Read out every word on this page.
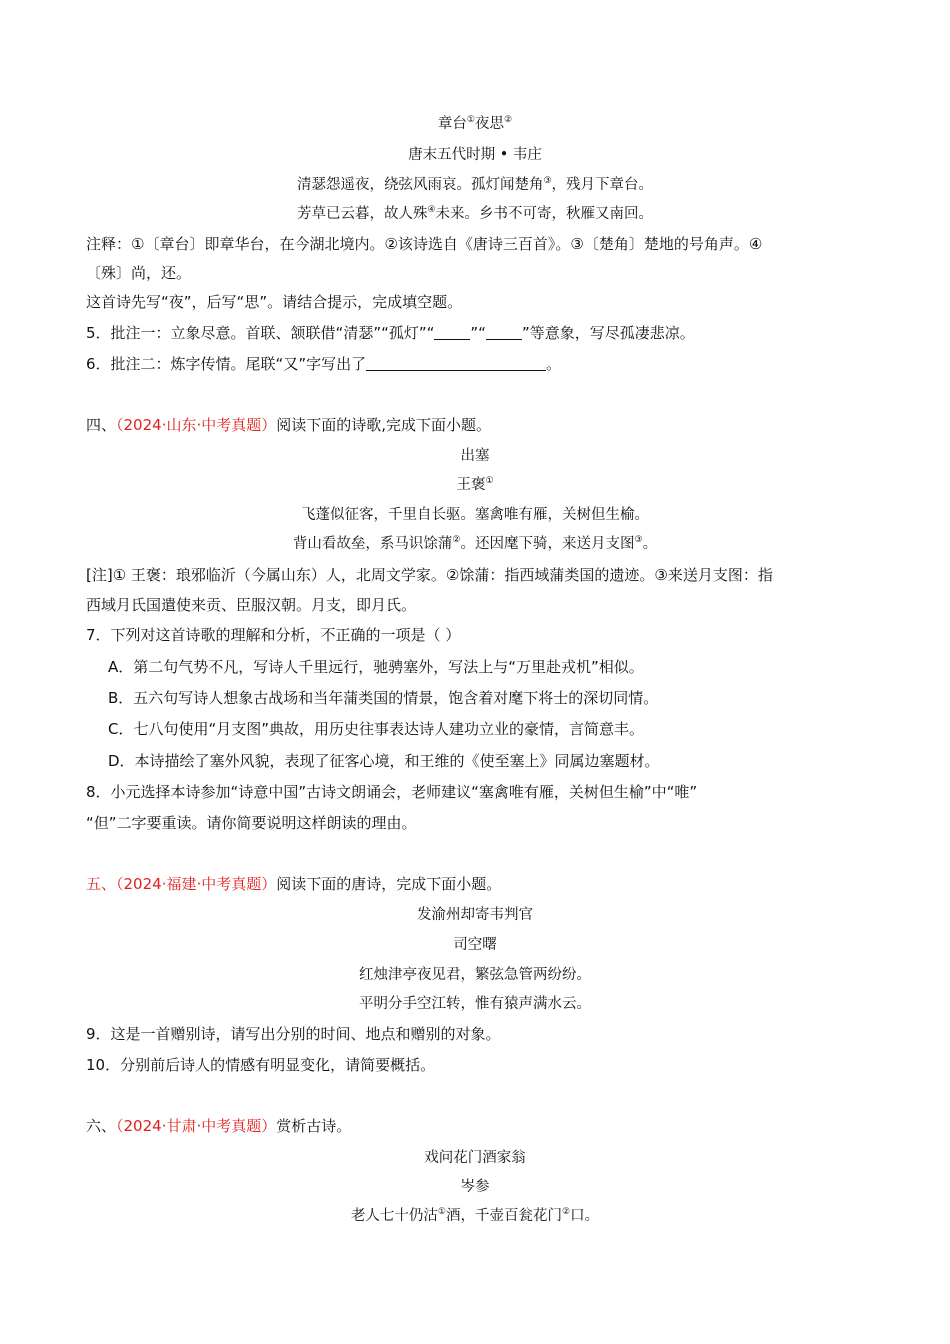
章台①夜思②
唐末五代时期 • 韦庄
清瑟怨遥夜，绕弦风雨哀。孤灯闻楚角③，残月下章台。
芳草已云暮，故人殊④未来。乡书不可寄，秋雁又南回。
注释：①〔章台〕即章华台，在今湖北境内。②该诗选自《唐诗三百首》。③〔楚角〕楚地的号角声。④
〔殊〕尚，还。
这首诗先写“夜”，后写“思”。请结合提示，完成填空题。
5．批注一：立象尽意。首联、颔联借“清瑟”“孤灯”“ ”“ ”等意象，写尽孤凄悲凉。
6．批注二：炼字传情。尾联“又”字写出了	。
四、（2024·山东·中考真题）阅读下面的诗歌,完成下面小题。
出塞
王褒①
飞蓬似征客，千里自长驱。塞禽唯有雁，关树但生榆。
背山看故垒，系马识馀蒲②。还因麾下骑，来送月支图③。
[注]① 王褒：琅邪临沂（今属山东）人，北周文学家。②馀蒲：指西域蒲类国的遗迹。③来送月支图：指
西域月氏国遣使来贡、臣服汉朝。月支，即月氏。
7．下列对这首诗歌的理解和分析，不正确的一项是（ ）
A．第二句气势不凡，写诗人千里远行，驰骋塞外，写法上与“万里赴戎机”相似。
B．五六句写诗人想象古战场和当年蒲类国的情景，饱含着对麾下将士的深切同情。
C．七八句使用“月支图”典故，用历史往事表达诗人建功立业的豪情，言简意丰。
D．本诗描绘了塞外风貌，表现了征客心境，和王维的《使至塞上》同属边塞题材。
8．小元选择本诗参加“诗意中国”古诗文朗诵会，老师建议“塞禽唯有雁，关树但生榆”中“唯”
“但”二字要重读。请你简要说明这样朗读的理由。
五、（2024·福建·中考真题）阅读下面的唐诗，完成下面小题。
发渝州却寄韦判官
司空曙
红烛津亭夜见君，繁弦急管两纷纷。
平明分手空江转，惟有猿声满水云。
9．这是一首赠别诗，请写出分别的时间、地点和赠别的对象。
10．分别前后诗人的情感有明显变化，请简要概括。
六、（2024·甘肃·中考真题）赏析古诗。
戏问花门酒家翁
岑参
老人七十仍沽①酒，千壶百瓮花门②口。
